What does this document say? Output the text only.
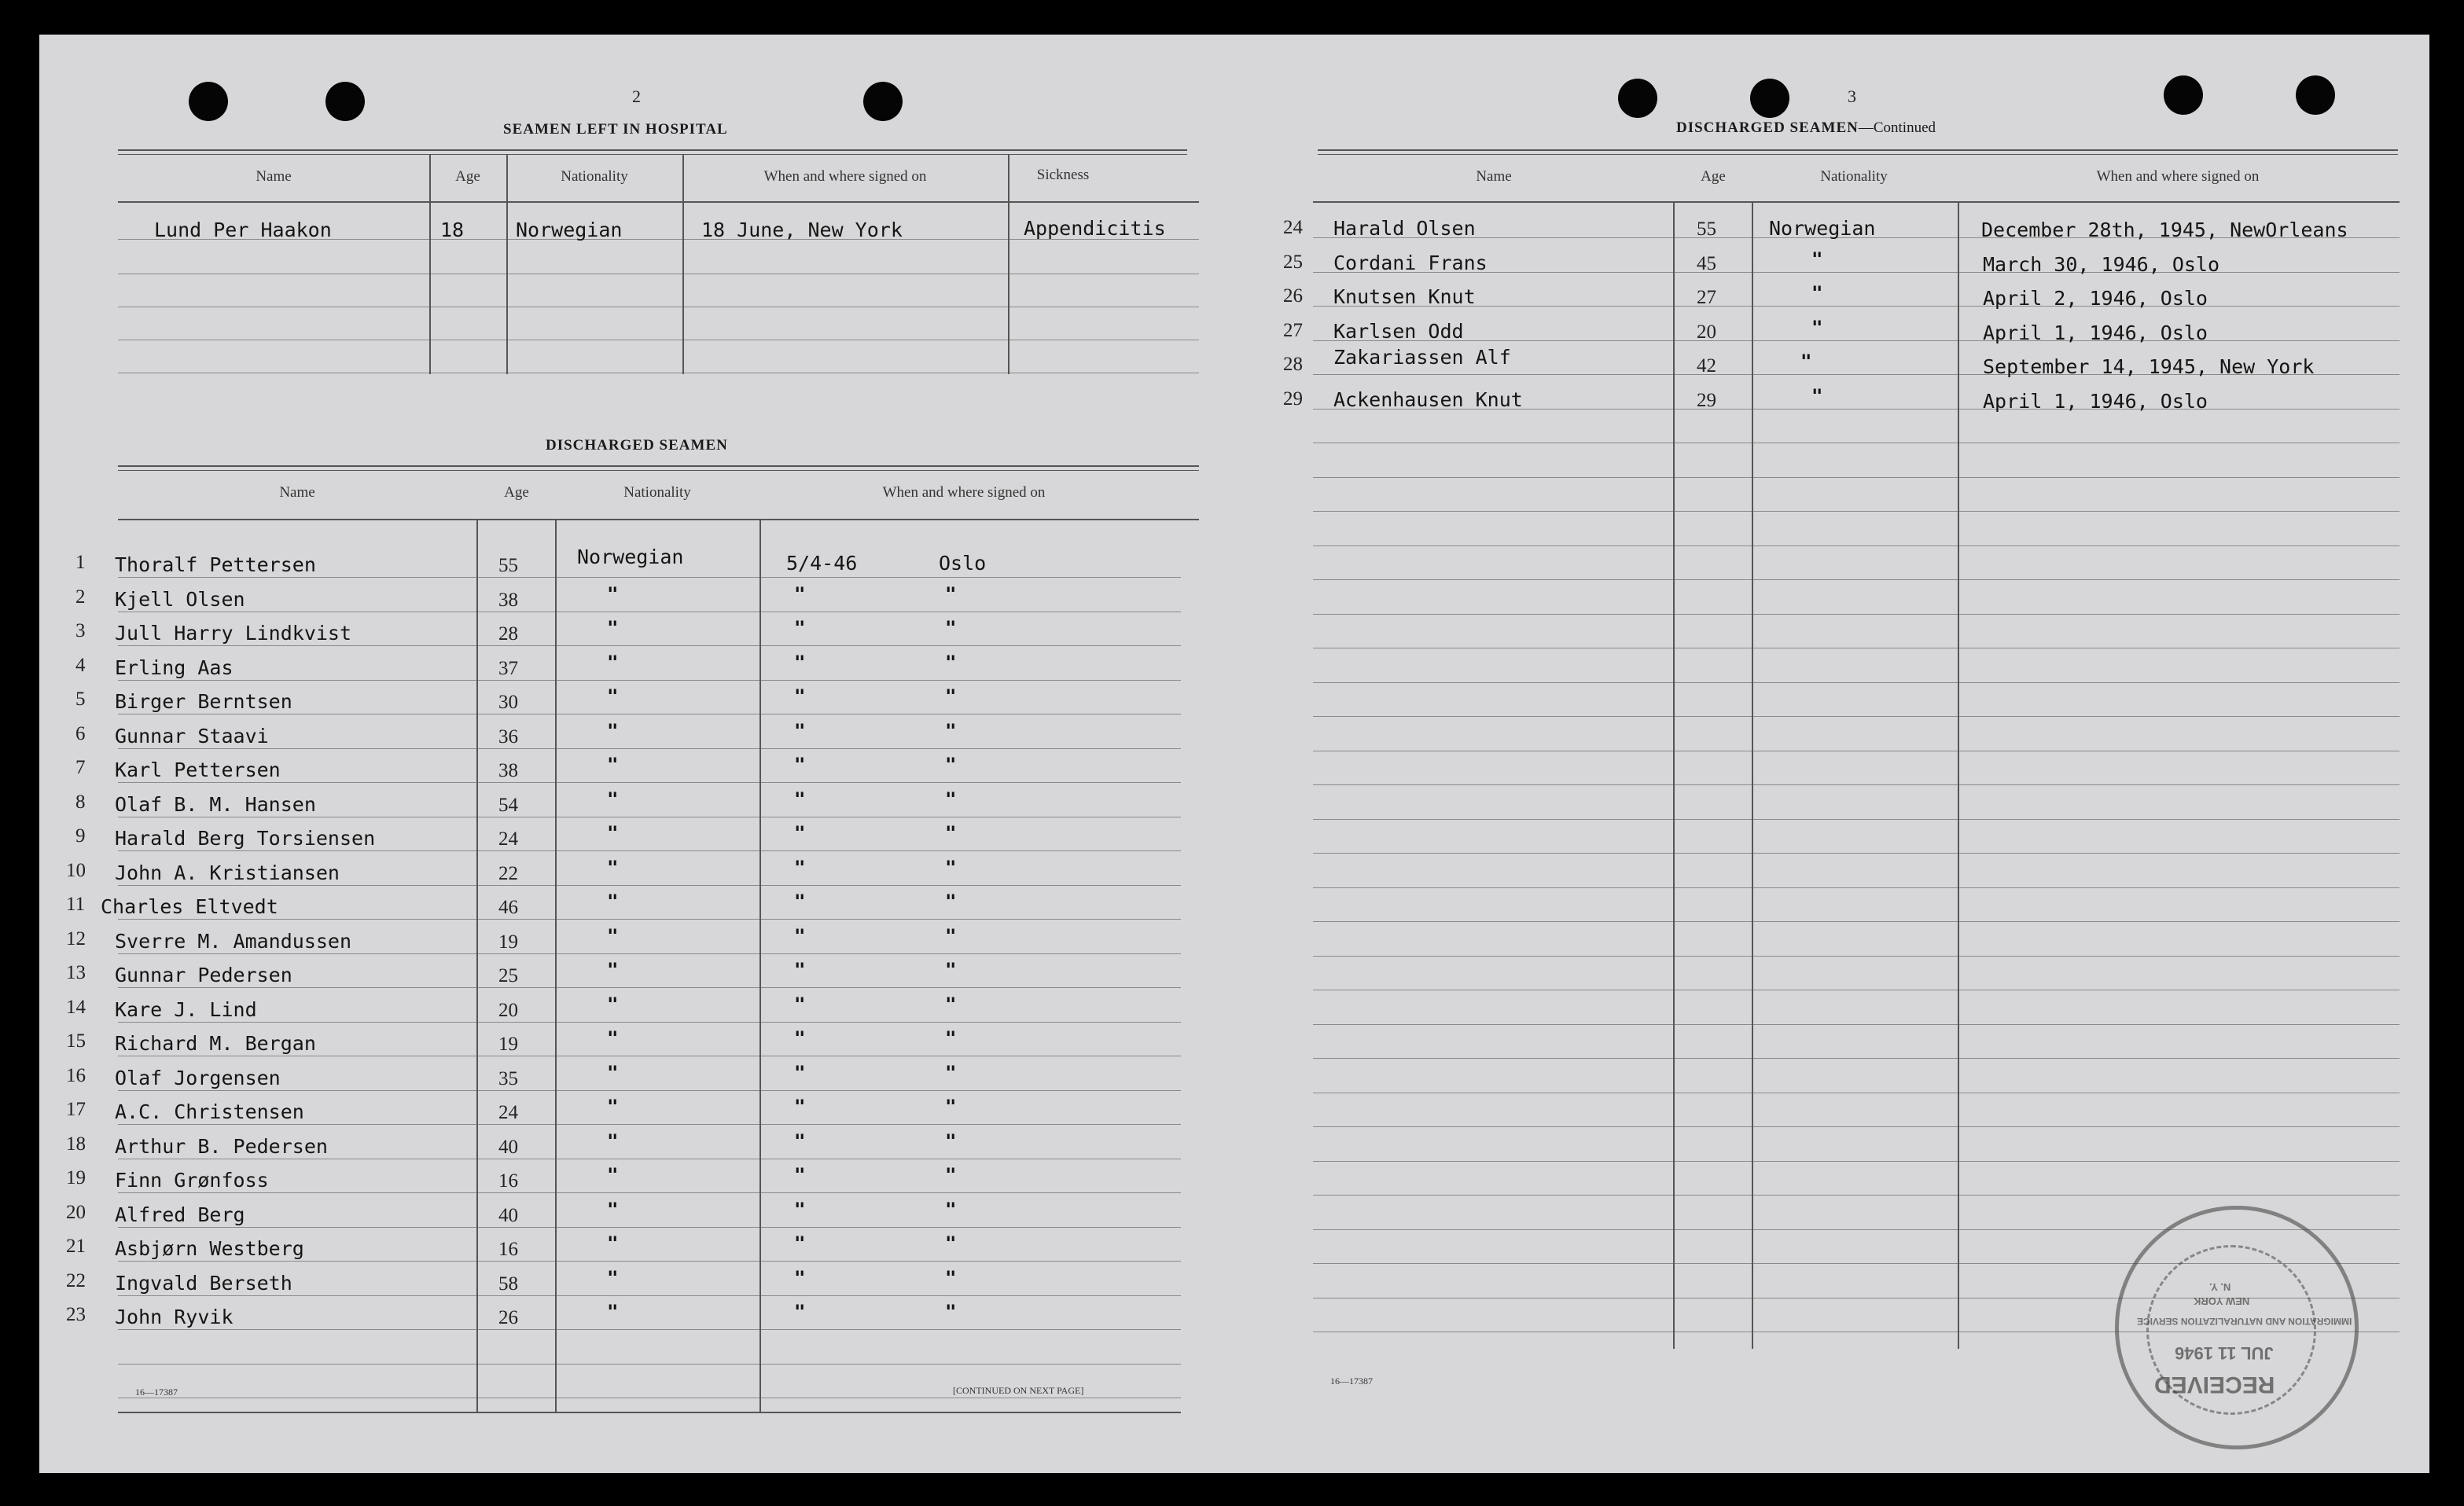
2
SEAMEN LEFT IN HOSPITAL
Name	Age	Nationality	When and where signed on	Sickness
Lund Per Haakon	18	Norwegian	18 June, New York	Appendicitis
DISCHARGED SEAMEN
Name	Age	Nationality	When and where signed on
1 Thoralf Pettersen	55	Norwegian	5/4-46	Oslo
2 Kjell Olsen	38	"	"	"
3 Jull Harry Lindkvist	28	"	"	"
4 Erling Aas	37	"	"	"
5 Birger Berntsen	30	"	"	"
6 Gunnar Staavi	36	"	"	"
7 Karl Pettersen	38	"	"	"
8 Olaf B. M. Hansen	54	"	"	"
9 Harald Berg Torsiensen	24	"	"	"
10 John A. Kristiansen	22	"	"	"
11 Charles Eltvedt	46	"	"	"
12 Sverre M. Amandussen	19	"	"	"
13 Gunnar Pedersen	25	"	"	"
14 Kare J. Lind	20	"	"	"
15 Richard M. Bergan	19	"	"	"
16 Olaf Jorgensen	35	"	"	"
17 A.C. Christensen	24	"	"	"
18 Arthur B. Pedersen	40	"	"	"
19 Finn Grønfoss	16	"	"	"
20 Alfred Berg	40	"	"	"
21 Asbjørn Westberg	16	"	"	"
22 Ingvald Berseth	58	"	"	"
23 John Ryvik	26	"	"	"
16—17387	[CONTINUED ON NEXT PAGE]
3
DISCHARGED SEAMEN—Continued
Name	Age	Nationality	When and where signed on
24 Harald Olsen	55	Norwegian	December 28th, 1945, NewOrleans
25 Cordani Frans	45	"	March 30, 1946, Oslo
26 Knutsen Knut	27	"	April 2, 1946, Oslo
27 Karlsen Odd	20	"	April 1, 1946, Oslo
28 Zakariassen Alf	42	"	September 14, 1945, New York
29 Ackenhausen Knut	29	"	April 1, 1946, Oslo
16—17387	RECEIVED
JUL 11 1946
IMMIGRATION AND NATURALIZATION SERVICE
NEW YORK
N. Y.
